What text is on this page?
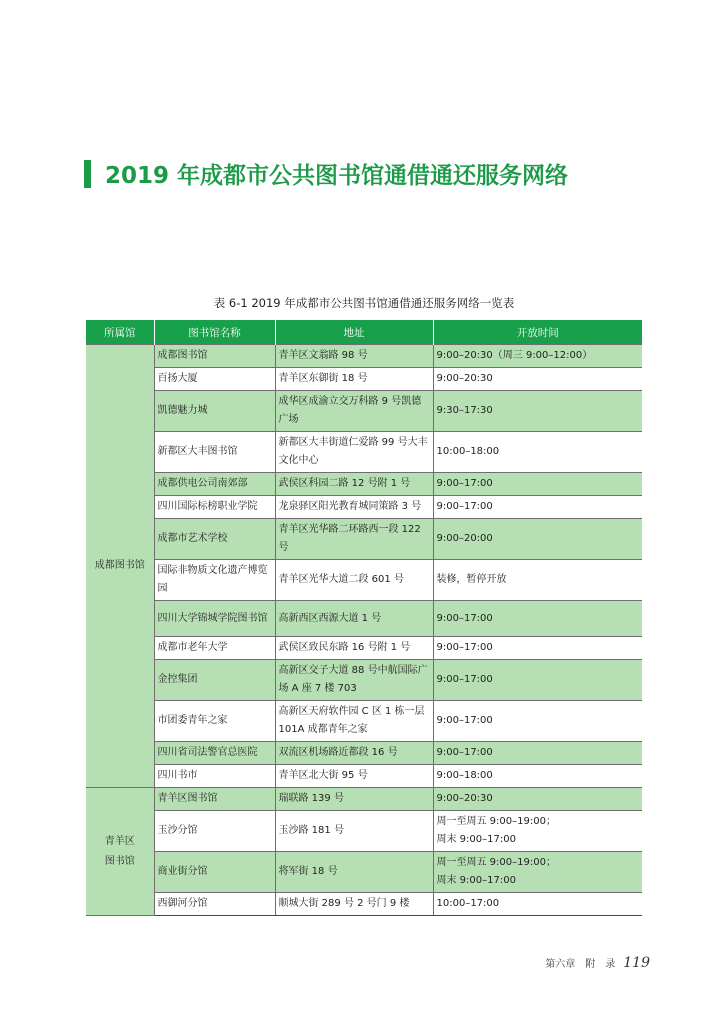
2019 年成都市公共图书馆通借通还服务网络
表 6-1 2019 年成都市公共图书馆通借通还服务网络一览表
所属馆	图书馆名称	地址	开放时间
成都图书馆	成都图书馆	青羊区文翁路 98 号	9:00–20:30（周三 9:00–12:00）
	百扬大厦	青羊区东御街 18 号	9:00–20:30
	凯德魅力城	成华区成渝立交万科路 9 号凯德广场	9:30–17:30
	新都区大丰图书馆	新都区大丰街道仁爱路 99 号大丰文化中心	10:00–18:00
	成都供电公司南郊部	武侯区科园二路 12 号附 1 号	9:00–17:00
	四川国际标榜职业学院	龙泉驿区阳光教育城同策路 3 号	9:00–17:00
	成都市艺术学校	青羊区光华路二环路西一段 122 号	9:00–20:00
	国际非物质文化遗产博览园	青羊区光华大道二段 601 号	装修，暂停开放
	四川大学锦城学院图书馆	高新西区西源大道 1 号	9:00–17:00
	成都市老年大学	武侯区致民东路 16 号附 1 号	9:00–17:00
	金控集团	高新区交子大道 88 号中航国际广场 A 座 7 楼 703	9:00–17:00
	市团委青年之家	高新区天府软件园 C 区 1 栋一层 101A 成都青年之家	9:00–17:00
	四川省司法警官总医院	双流区机场路近都段 16 号	9:00–17:00
	四川书市	青羊区北大街 95 号	9:00–18:00
青羊区
图书馆	青羊区图书馆	瑞联路 139 号	9:00–20:30
	玉沙分馆	玉沙路 181 号	周一至周五 9:00–19:00；
周末 9:00–17:00
	商业街分馆	将军街 18 号	周一至周五 9:00–19:00；
周末 9:00–17:00
	西御河分馆	顺城大街 289 号 2 号门 9 楼	10:00–17:00
第六章　附　录 119
